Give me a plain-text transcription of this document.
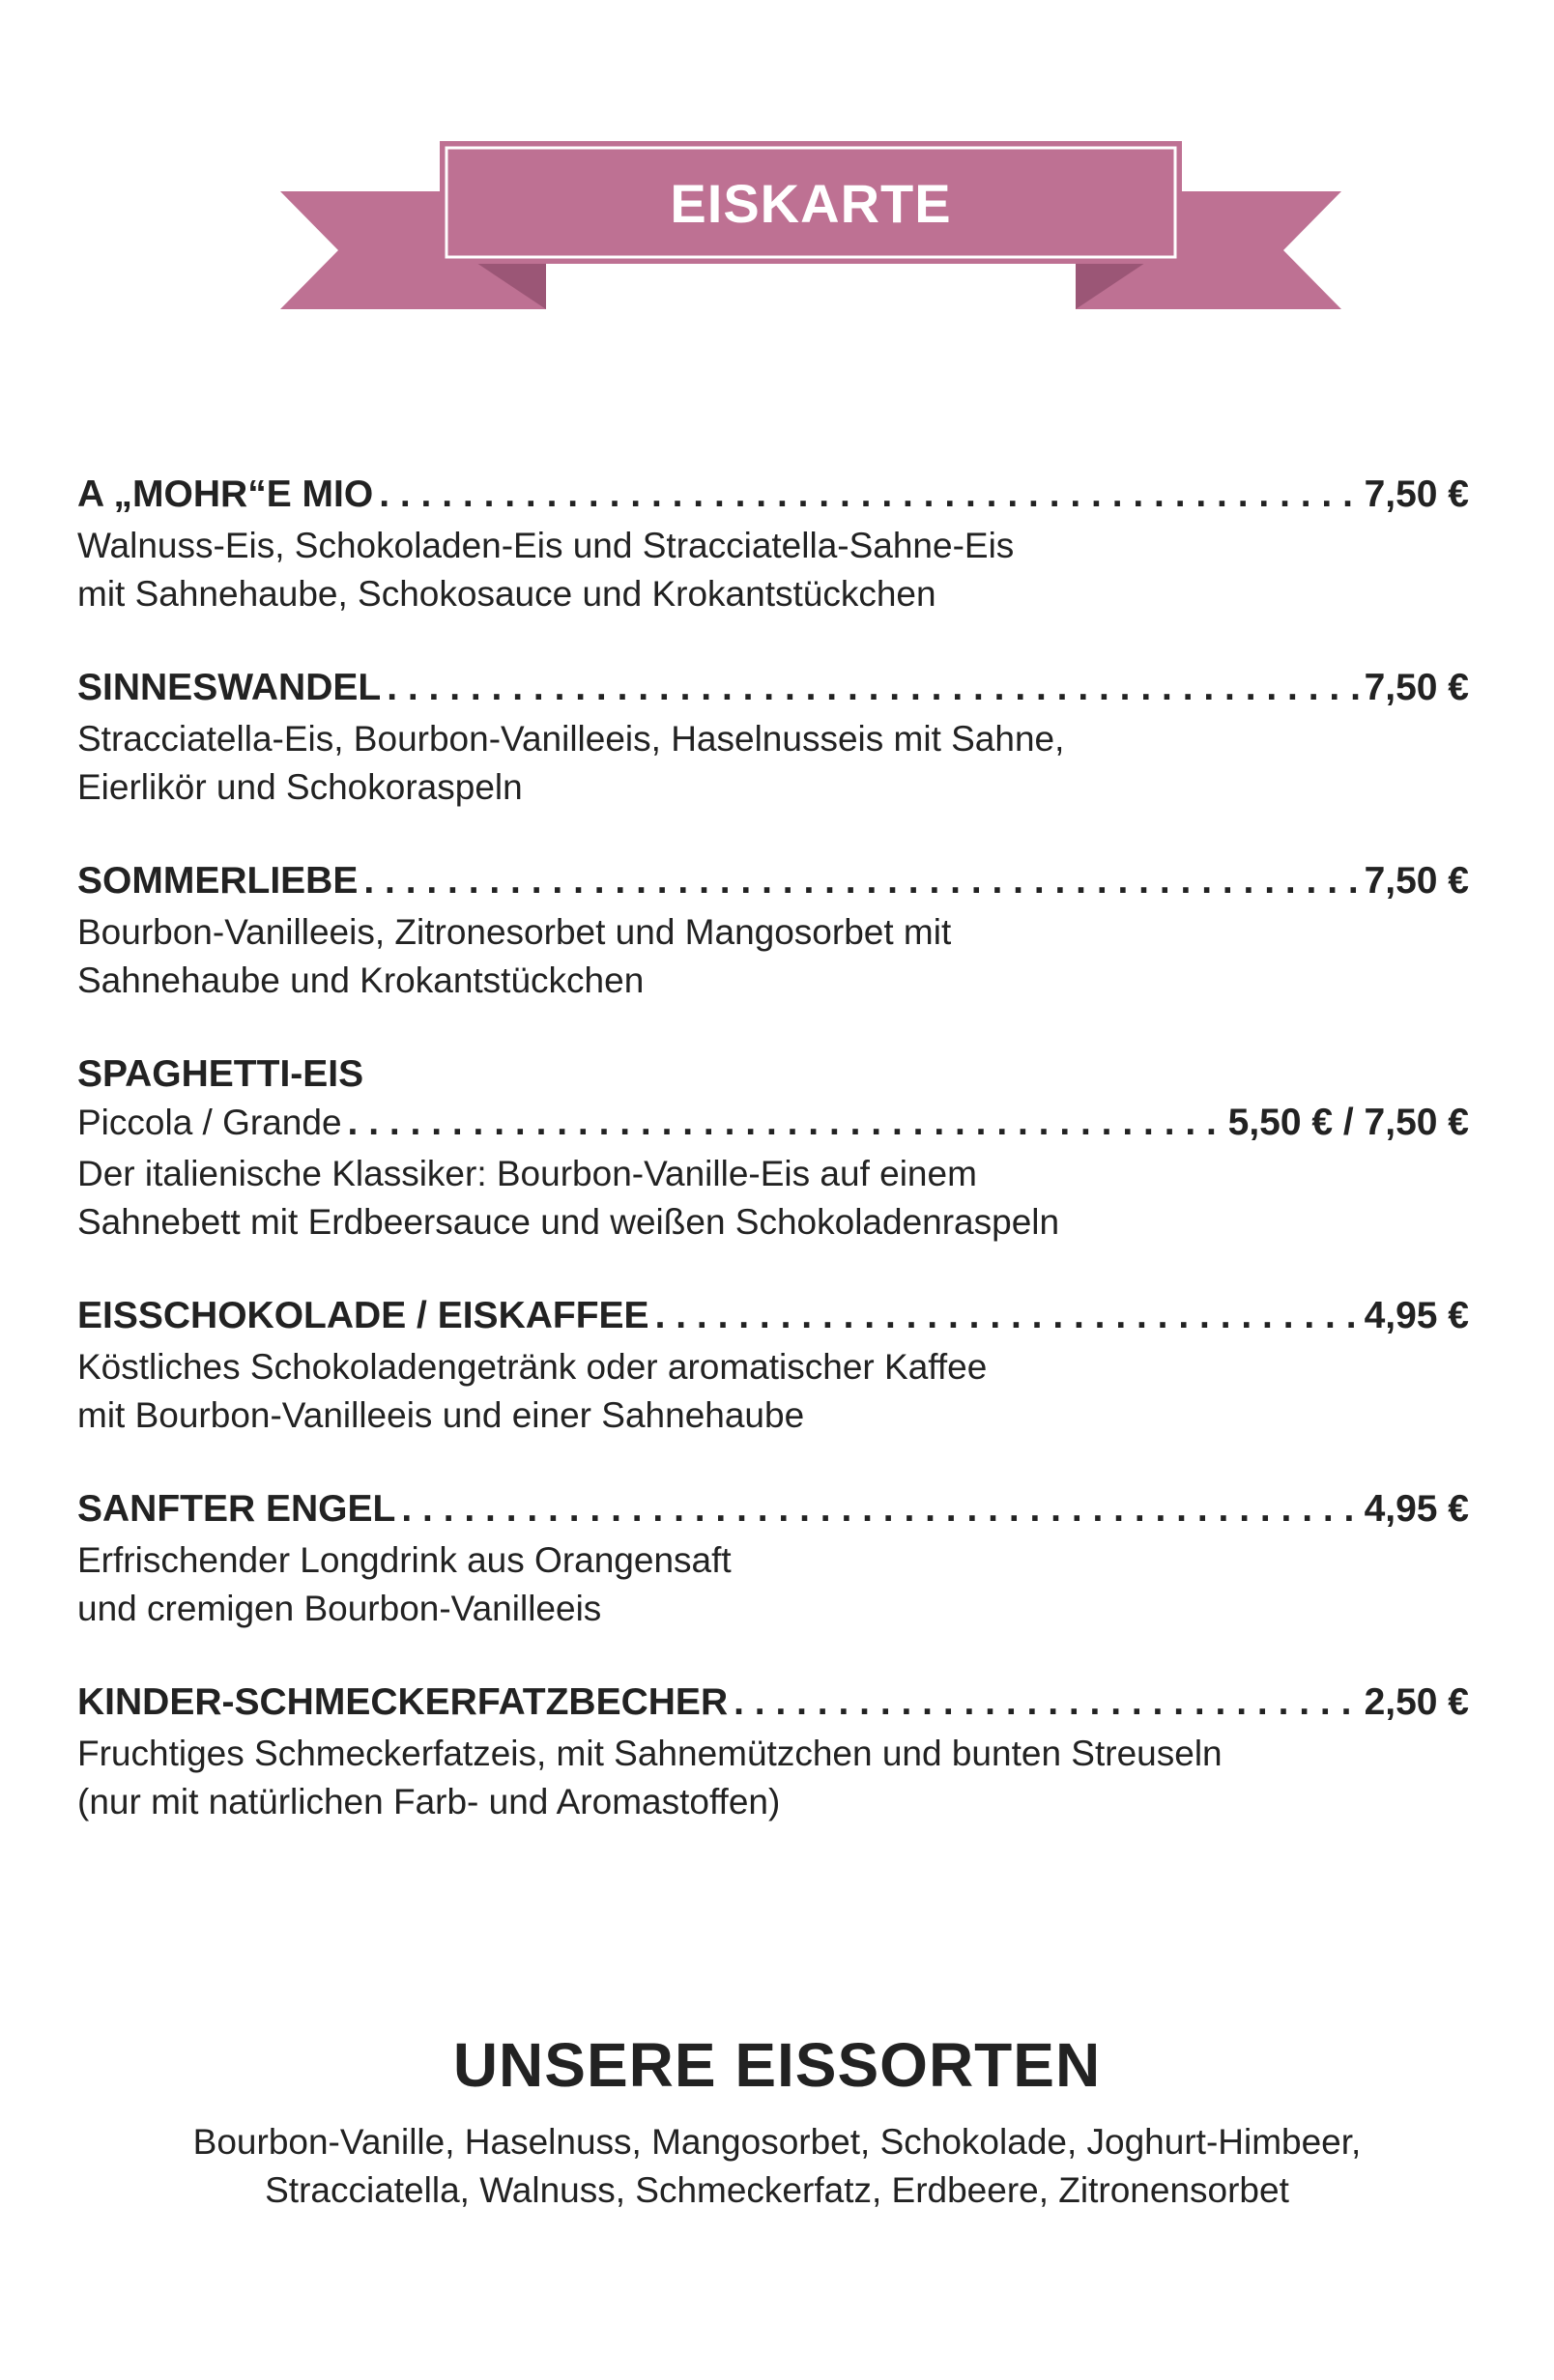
EISKARTE
A „MOHR“E MIO . . .	7,50 €
Walnuss-Eis, Schokoladen-Eis und Stracciatella-Sahne-Eis
mit Sahnehaube, Schokosauce und Krokantstückchen
SINNESWANDEL . . .	7,50 €
Stracciatella-Eis, Bourbon-Vanilleeis, Haselnusseis mit Sahne,
Eierlikör und Schokoraspeln
SOMMERLIEBE . . .	7,50 €
Bourbon-Vanilleeis, Zitronesorbet und Mangosorbet mit
Sahnehaube und Krokantstückchen
SPAGHETTI-EIS
Piccola / Grande . . .	5,50 € / 7,50 €
Der italienische Klassiker: Bourbon-Vanille-Eis auf einem
Sahnebett mit Erdbeersauce und weißen Schokoladenraspeln
EISSCHOKOLADE / EISKAFFEE . . .	4,95 €
Köstliches Schokoladengetränk oder aromatischer Kaffee
mit Bourbon-Vanilleeis und einer Sahnehaube
SANFTER ENGEL . . .	4,95 €
Erfrischender Longdrink aus Orangensaft
und cremigen Bourbon-Vanilleeis
KINDER-SCHMECKERFATZBECHER . . .	2,50 €
Fruchtiges Schmeckerfatzeis, mit Sahnemützchen und bunten Streuseln
(nur mit natürlichen Farb- und Aromastoffen)
UNSERE EISSORTEN
Bourbon-Vanille, Haselnuss, Mangosorbet, Schokolade, Joghurt-Himbeer,
Stracciatella, Walnuss, Schmeckerfatz, Erdbeere, Zitronensorbet
